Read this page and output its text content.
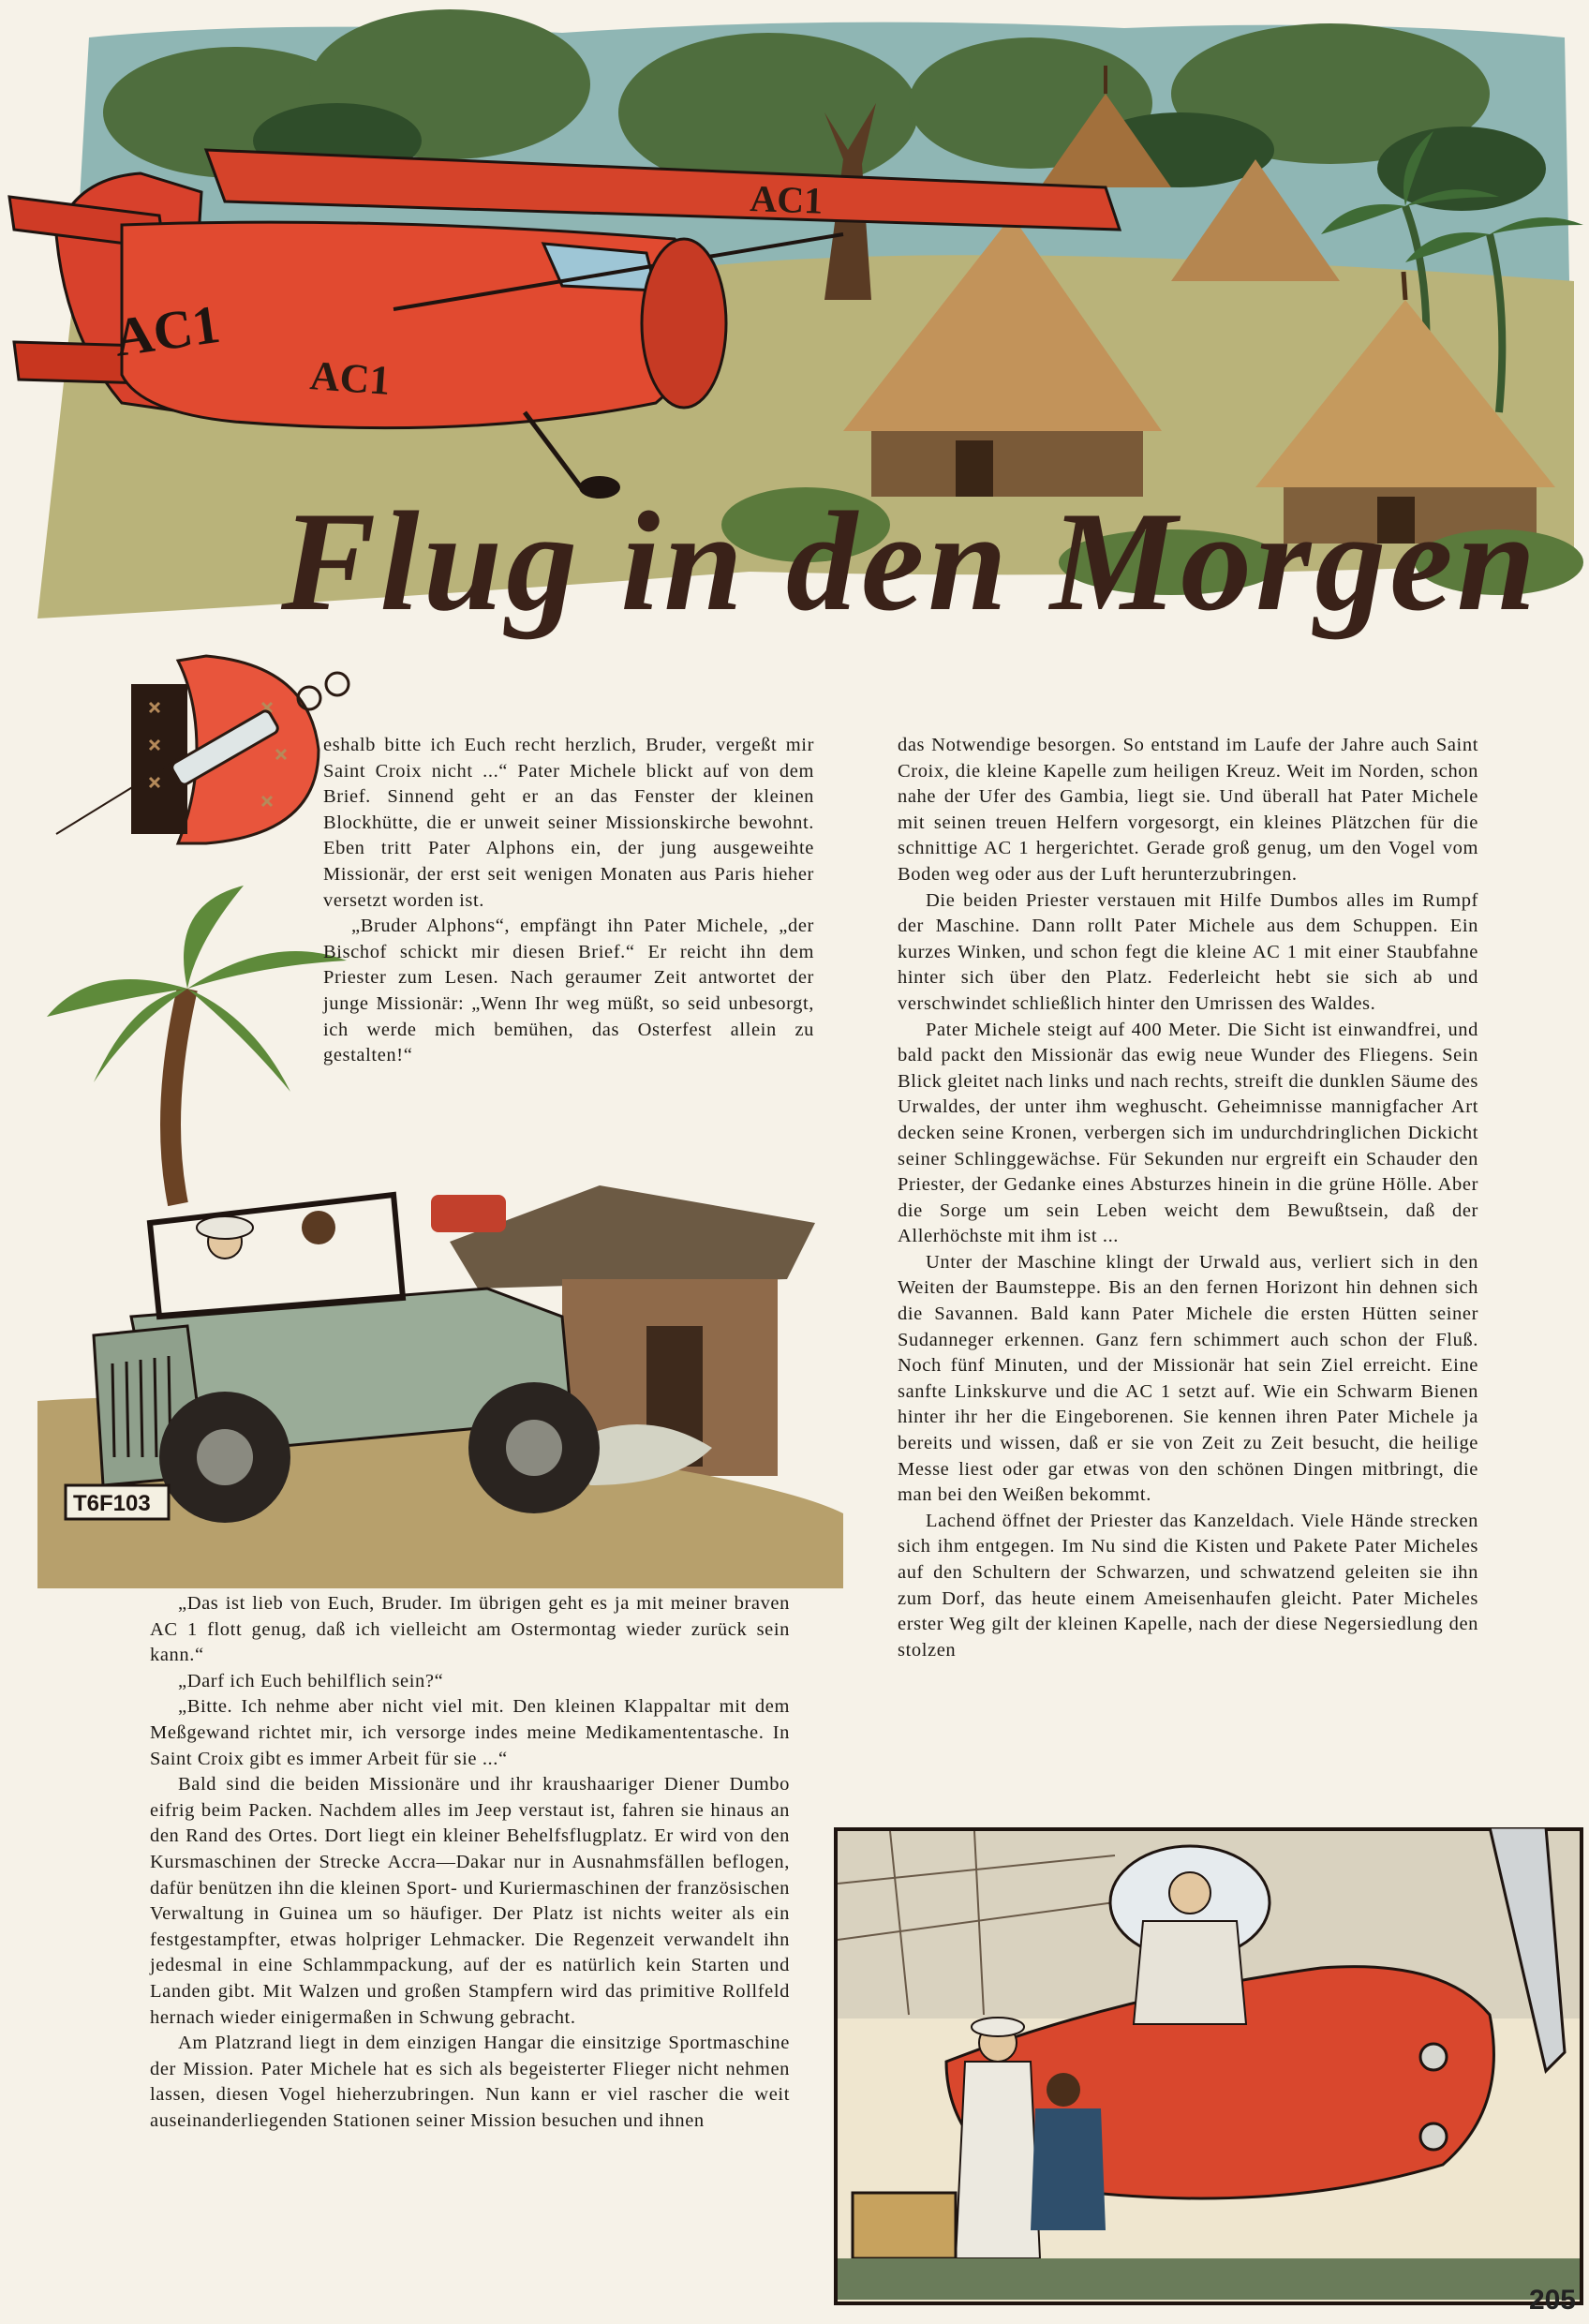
AC1
AC1
AC1
Flug in den Morgen
T6F103

eshalb bitte ich Euch recht herzlich, Bruder, vergeßt mir Saint Croix nicht ...“ Pater Michele blickt auf von dem Brief. Sinnend geht er an das Fenster der kleinen Blockhütte, die er unweit seiner Missionskirche bewohnt. Eben tritt Pater Alphons ein, der jung ausgeweihte Missionär, der erst seit wenigen Monaten aus Paris hieher versetzt worden ist.

„Bruder Alphons“, empfängt ihn Pater Michele, „der Bischof schickt mir diesen Brief.“ Er reicht ihn dem Priester zum Lesen. Nach geraumer Zeit antwortet der junge Missionär: „Wenn Ihr weg müßt, so seid unbesorgt, ich werde mich bemühen, das Osterfest allein zu gestalten!“

„Das ist lieb von Euch, Bruder. Im übrigen geht es ja mit meiner braven AC 1 flott genug, daß ich vielleicht am Ostermontag wieder zurück sein kann.“

„Darf ich Euch behilflich sein?“

„Bitte. Ich nehme aber nicht viel mit. Den kleinen Klappaltar mit dem Meßgewand richtet mir, ich versorge indes meine Medikamententasche. In Saint Croix gibt es immer Arbeit für sie ...“

Bald sind die beiden Missionäre und ihr kraushaariger Diener Dumbo eifrig beim Packen. Nachdem alles im Jeep verstaut ist, fahren sie hinaus an den Rand des Ortes. Dort liegt ein kleiner Behelfsflugplatz. Er wird von den Kursmaschinen der Strecke Accra—Dakar nur in Ausnahmsfällen beflogen, dafür benützen ihn die kleinen Sport- und Kuriermaschinen der französischen Verwaltung in Guinea um so häufiger. Der Platz ist nichts weiter als ein festgestampfter, etwas holpriger Lehmacker. Die Regenzeit verwandelt ihn jedesmal in eine Schlammpackung, auf der es natürlich kein Starten und Landen gibt. Mit Walzen und großen Stampfern wird das primitive Rollfeld hernach wieder einigermaßen in Schwung gebracht.

Am Platzrand liegt in dem einzigen Hangar die einsitzige Sportmaschine der Mission. Pater Michele hat es sich als begeisterter Flieger nicht nehmen lassen, diesen Vogel hieherzubringen. Nun kann er viel rascher die weit auseinanderliegenden Stationen seiner Mission besuchen und ihnen

das Notwendige besorgen. So entstand im Laufe der Jahre auch Saint Croix, die kleine Kapelle zum heiligen Kreuz. Weit im Norden, schon nahe der Ufer des Gambia, liegt sie. Und überall hat Pater Michele mit seinen treuen Helfern vorgesorgt, ein kleines Plätzchen für die schnittige AC 1 hergerichtet. Gerade groß genug, um den Vogel vom Boden weg oder aus der Luft herunterzubringen.

Die beiden Priester verstauen mit Hilfe Dumbos alles im Rumpf der Maschine. Dann rollt Pater Michele aus dem Schuppen. Ein kurzes Winken, und schon fegt die kleine AC 1 mit einer Staubfahne hinter sich über den Platz. Federleicht hebt sie sich ab und verschwindet schließlich hinter den Umrissen des Waldes.

Pater Michele steigt auf 400 Meter. Die Sicht ist einwandfrei, und bald packt den Missionär das ewig neue Wunder des Fliegens. Sein Blick gleitet nach links und nach rechts, streift die dunklen Säume des Urwaldes, der unter ihm weghuscht. Geheimnisse mannigfacher Art decken seine Kronen, verbergen sich im undurchdringlichen Dickicht seiner Schlinggewächse. Für Sekunden nur ergreift ein Schauder den Priester, der Gedanke eines Absturzes hinein in die grüne Hölle. Aber die Sorge um sein Leben weicht dem Bewußtsein, daß der Allerhöchste mit ihm ist ...

Unter der Maschine klingt der Urwald aus, verliert sich in den Weiten der Baumsteppe. Bis an den fernen Horizont hin dehnen sich die Savannen. Bald kann Pater Michele die ersten Hütten seiner Sudanneger erkennen. Ganz fern schimmert auch schon der Fluß. Noch fünf Minuten, und der Missionär hat sein Ziel erreicht. Eine sanfte Linkskurve und die AC 1 setzt auf. Wie ein Schwarm Bienen hinter ihr her die Eingeborenen. Sie kennen ihren Pater Michele ja bereits und wissen, daß er sie von Zeit zu Zeit besucht, die heilige Messe liest oder gar etwas von den schönen Dingen mitbringt, die man bei den Weißen bekommt.

Lachend öffnet der Priester das Kanzeldach. Viele Hände strecken sich ihm entgegen. Im Nu sind die Kisten und Pakete Pater Micheles auf den Schultern der Schwarzen, und schwatzend geleiten sie ihn zum Dorf, das heute einem Ameisenhaufen gleicht. Pater Micheles erster Weg gilt der kleinen Kapelle, nach der diese Negersiedlung den stolzen

205
